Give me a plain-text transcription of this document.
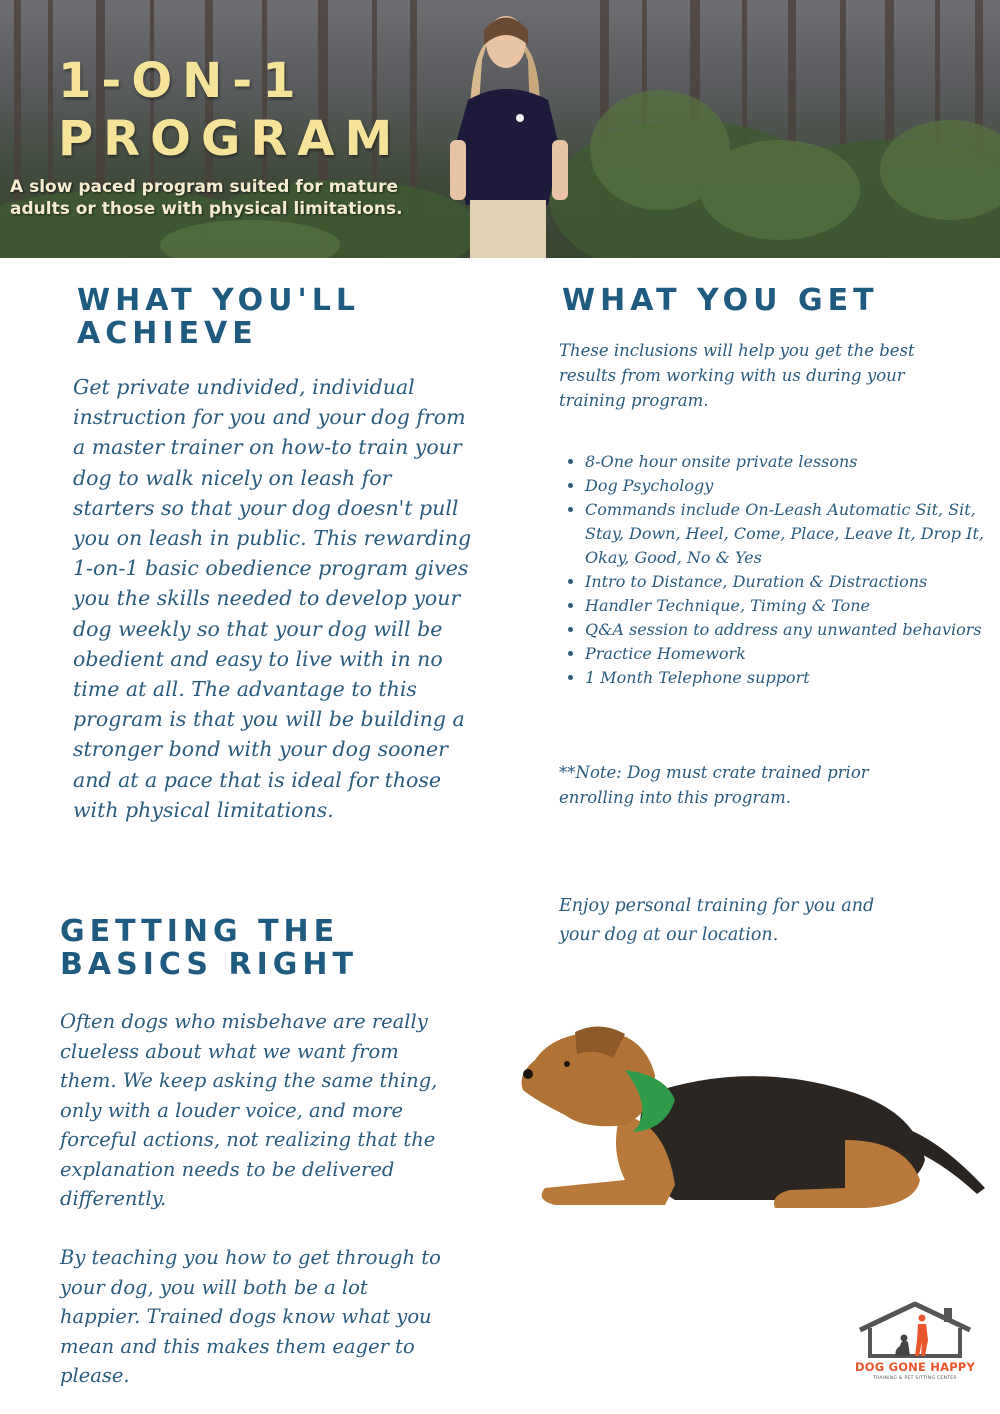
1-ON-1
PROGRAM

A slow paced program suited for mature adults or those with physical limitations.

WHAT YOU'LL
ACHIEVE

Get private undivided, individual instruction for you and your dog from a master trainer on how-to train your dog to walk nicely on leash for starters so that your dog doesn't pull you on leash in public. This rewarding 1-on-1 basic obedience program gives you the skills needed to develop your dog weekly so that your dog will be obedient and easy to live with in no time at all. The advantage to this program is that you will be building a stronger bond with your dog sooner and at a pace that is ideal for those with physical limitations.

GETTING THE
BASICS RIGHT

Often dogs who misbehave are really clueless about what we want from them. We keep asking the same thing, only with a louder voice, and more forceful actions, not realizing that the explanation needs to be delivered differently.

By teaching you how to get through to your dog, you will both be a lot happier. Trained dogs know what you mean and this makes them eager to please.

WHAT YOU GET

These inclusions will help you get the best results from working with us during your training program.

• 8-One hour onsite private lessons
• Dog Psychology
• Commands include On-Leash Automatic Sit, Sit, Stay, Down, Heel, Come, Place, Leave It, Drop It, Okay, Good, No & Yes
• Intro to Distance, Duration & Distractions
• Handler Technique, Timing & Tone
• Q&A session to address any unwanted behaviors
• Practice Homework
• 1 Month Telephone support

**Note: Dog must crate trained prior enrolling into this program.

Enjoy personal training for you and your dog at our location.

DOG GONE HAPPY
TRAINING & PET SITTING CENTER
